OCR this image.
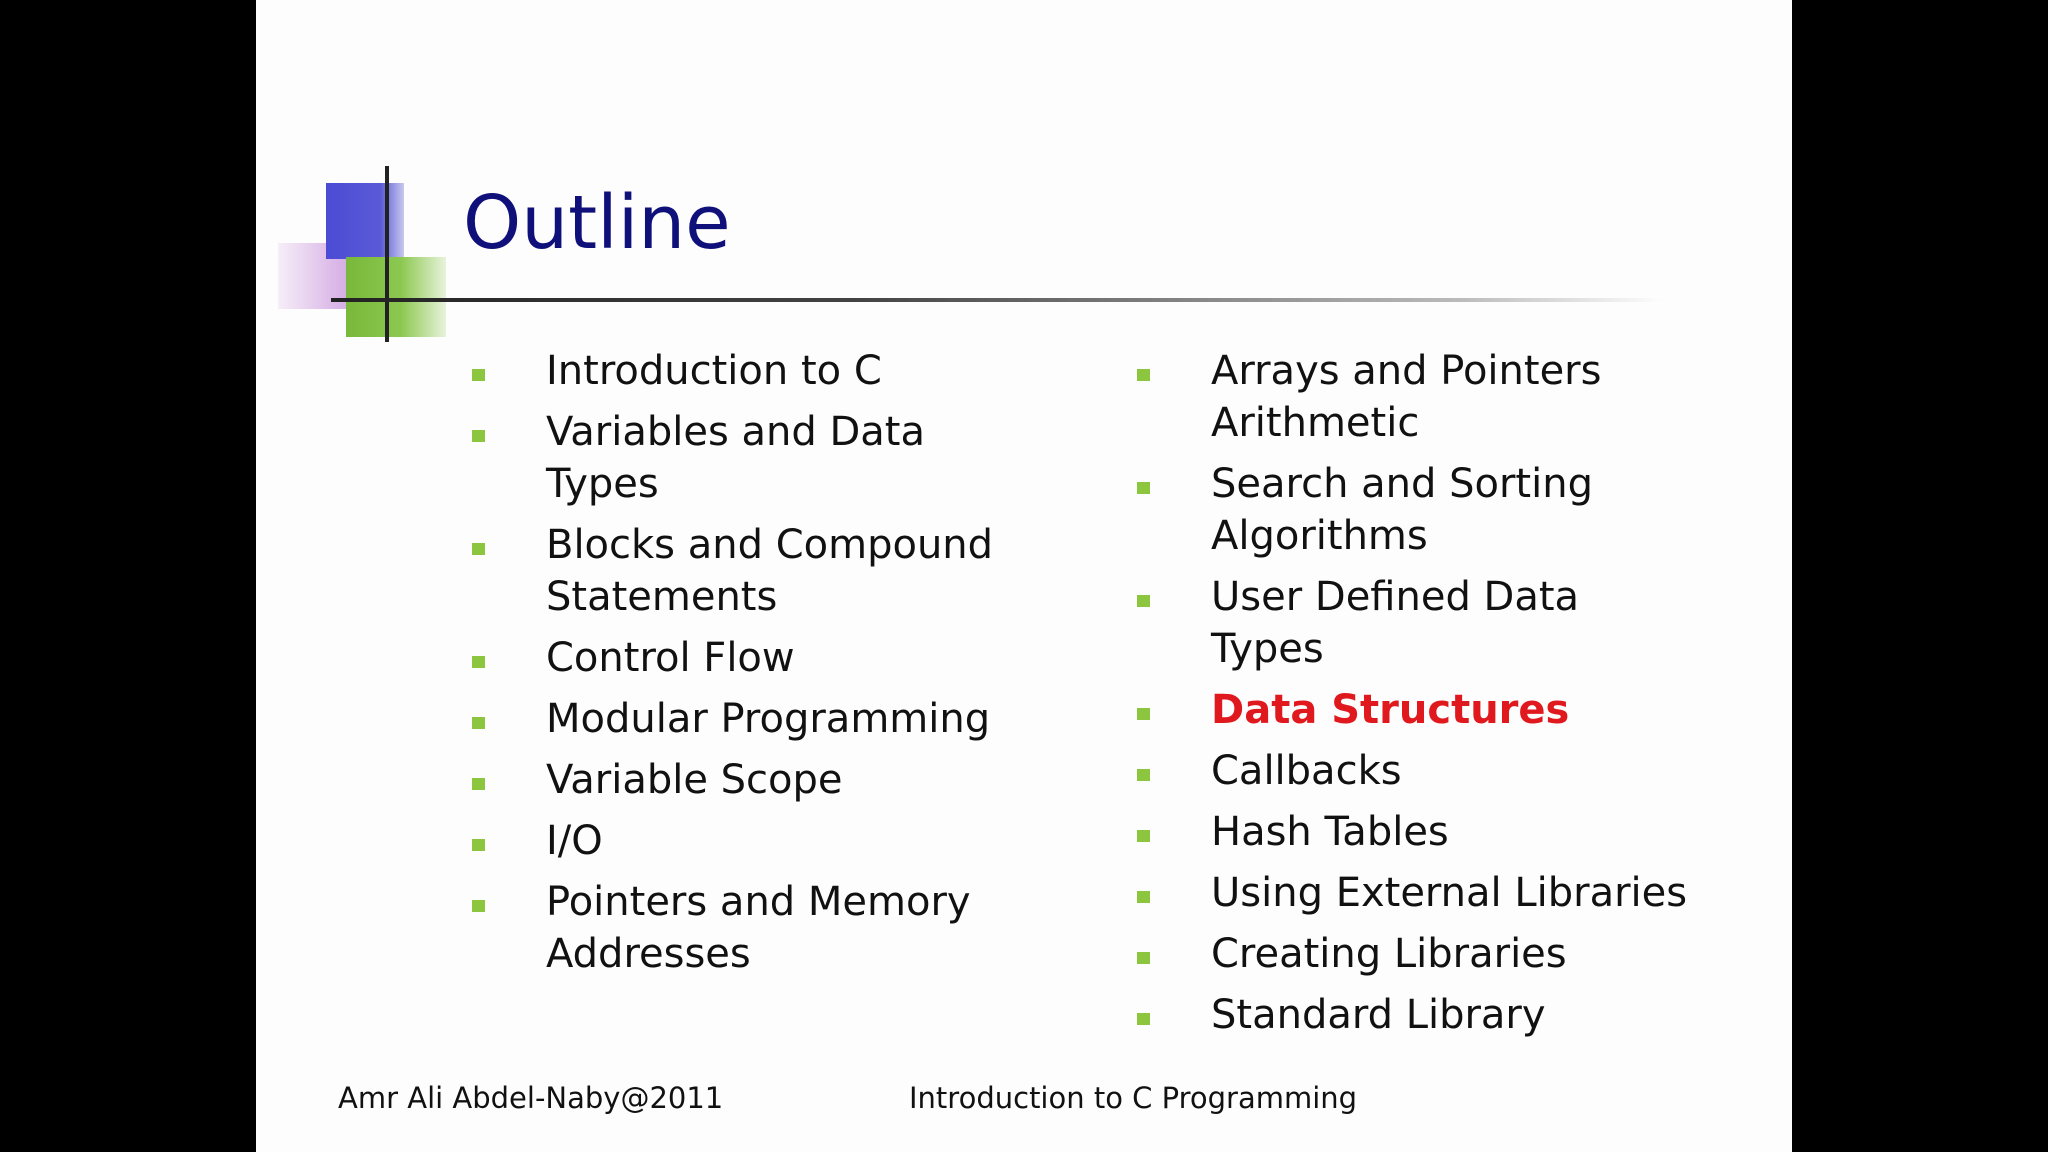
Outline
Introduction to C
Variables and Data Types
Blocks and Compound Statements
Control Flow
Modular Programming
Variable Scope
I/O
Pointers and Memory Addresses
Arrays and Pointers Arithmetic
Search and Sorting Algorithms
User Defined Data Types
Data Structures
Callbacks
Hash Tables
Using External Libraries
Creating Libraries
Standard Library
Amr Ali Abdel-Naby@2011	Introduction to C Programming
